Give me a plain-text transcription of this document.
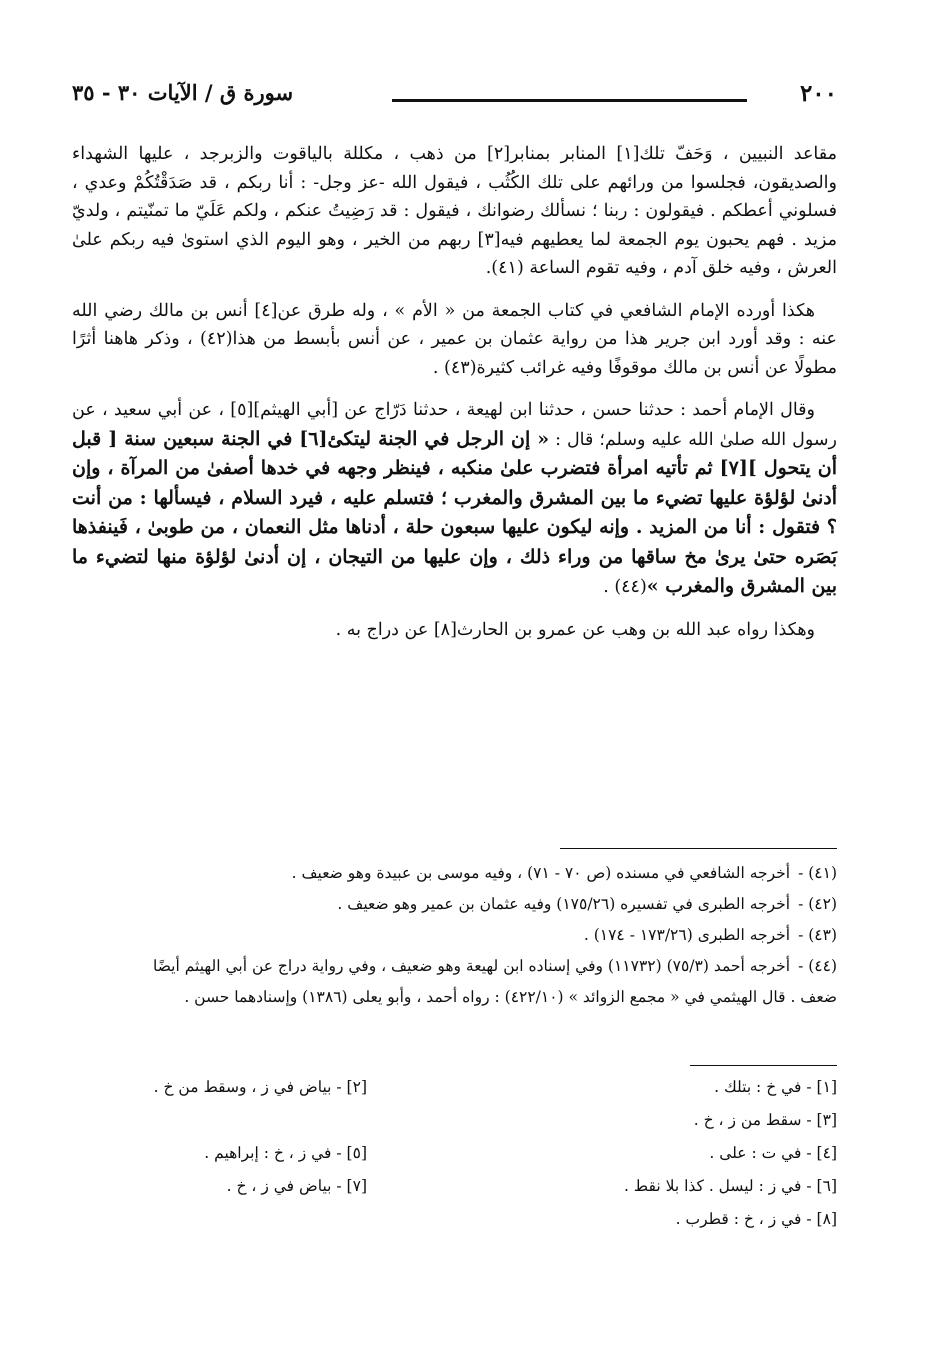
٢٠٠
سورة ق / الآيات ٣٠ - ٣٥

مقاعد النبيين ، وَحَفّ تلك[١] المنابر بمنابر[٢] من ذهب ، مكللة بالياقوت والزبرجد ، عليها الشهداء والصديقون، فجلسوا من ورائهم على تلك الكُثُب ، فيقول الله -عز وجل- : أنا ربكم ، قد صَدَقْتُكُمْ وعدي ، فسلوني أعطكم . فيقولون : ربنا ؛ نسألك رضوانك ، فيقول : قد رَضِيتُ عنكم ، ولكم عَلَيّ ما تمنّيتم ، ولديّ مزيد . فهم يحبون يوم الجمعة لما يعطيهم فيه[٣] ربهم من الخير ، وهو اليوم الذي استوىٰ فيه ربكم علىٰ العرش ، وفيه خلق آدم ، وفيه تقوم الساعة (٤١).

هكذا أورده الإمام الشافعي في كتاب الجمعة من « الأم » ، وله طرق عن[٤] أنس بن مالك رضي الله عنه : وقد أورد ابن جرير هذا من رواية عثمان بن عمير ، عن أنس بأبسط من هذا(٤٢) ، وذكر هاهنا أثرًا مطولًا عن أنس بن مالك موقوفًا وفيه غرائب كثيرة(٤٣) .

وقال الإمام أحمد : حدثنا حسن ، حدثنا ابن لهيعة ، حدثنا دَرّاج عن [أبي الهيثم][٥] ، عن أبي سعيد ، عن رسول الله صلىٰ الله عليه وسلم؛ قال : « إن الرجل في الجنة ليتكئ[٦] في الجنة سبعين سنة [ قبل أن يتحول ][٧] ثم تأتيه امرأة فتضرب علىٰ منكبه ، فينظر وجهه في خدها أصفىٰ من المرآة ، وإن أدنىٰ لؤلؤة عليها تضيء ما بين المشرق والمغرب ؛ فتسلم عليه ، فيرد السلام ، فيسألها : من أنت ؟ فتقول : أنا من المزيد . وإنه ليكون عليها سبعون حلة ، أدناها مثل النعمان ، من طوبىٰ ، فَينفذها بَصَره حتىٰ يرىٰ مخ ساقها من وراء ذلك ، وإن عليها من التيجان ، إن أدنىٰ لؤلؤة منها لتضيء ما بين المشرق والمغرب »(٤٤) .

وهكذا رواه عبد الله بن وهب عن عمرو بن الحارث[٨] عن دراج به .

(٤١) -أخرجه الشافعي في مسنده (ص ٧٠ - ٧١) ، وفيه موسى بن عبيدة وهو ضعيف .

(٤٢) -أخرجه الطبرى في تفسيره (١٧٥/٢٦) وفيه عثمان بن عمير وهو ضعيف .

(٤٣) -أخرجه الطبرى (١٧٣/٢٦ - ١٧٤) .

(٤٤) -أخرجه أحمد (٧٥/٣) (١١٧٣٢) وفي إسناده ابن لهيعة وهو ضعيف ، وفي رواية دراج عن أبي الهيثم أيضًا ضعف . قال الهيثمي في « مجمع الزوائد » (٤٢٢/١٠) : رواه أحمد ، وأبو يعلى (١٣٨٦) وإسنادهما حسن .

[١] - في خ : بتلك .
[٢] - بياض في ز ، وسقط من خ .
[٣] - سقط من ز ، خ .
[٤] - في ت : على .
[٥] - في ز ، خ : إبراهيم .
[٦] - في ز : ليسل . كذا بلا نقط .
[٧] - بياض في ز ، خ .
[٨] - في ز ، خ : قطرب .
